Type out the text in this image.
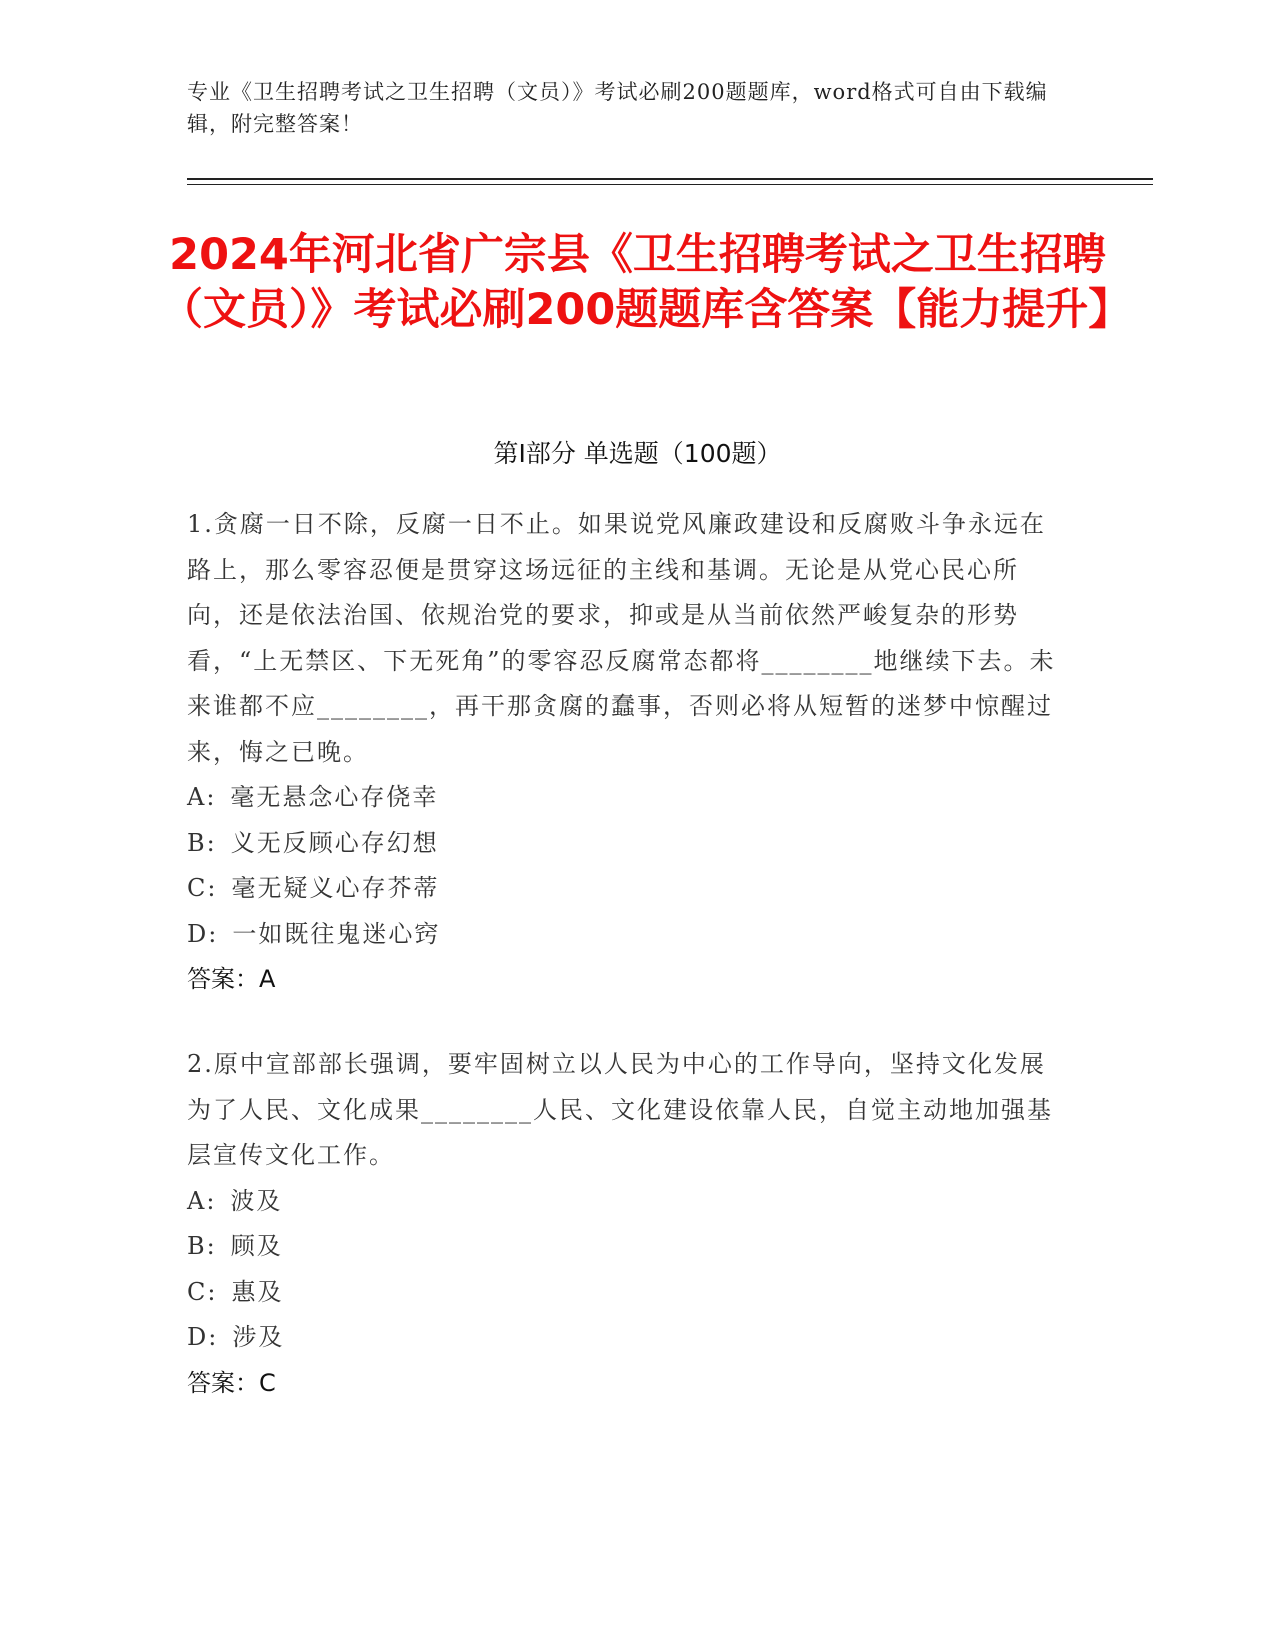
专业《卫生招聘考试之卫生招聘（文员）》考试必刷200题题库，word格式可自由下载编辑，附完整答案！
2024年河北省广宗县《卫生招聘考试之卫生招聘（文员）》考试必刷200题题库含答案【能力提升】
第Ⅰ部分 单选题（100题）

1.贪腐一日不除，反腐一日不止。如果说党风廉政建设和反腐败斗争永远在路上，那么零容忍便是贯穿这场远征的主线和基调。无论是从党心民心所向，还是依法治国、依规治党的要求，抑或是从当前依然严峻复杂的形势看，“上无禁区、下无死角”的零容忍反腐常态都将________地继续下去。未来谁都不应________，再干那贪腐的蠢事，否则必将从短暂的迷梦中惊醒过来，悔之已晚。

A: 毫无悬念心存侥幸

B: 义无反顾心存幻想

C: 毫无疑义心存芥蒂

D: 一如既往鬼迷心窍

答案：A

2.原中宣部部长强调，要牢固树立以人民为中心的工作导向，坚持文化发展为了人民、文化成果________人民、文化建设依靠人民，自觉主动地加强基层宣传文化工作。

A: 波及

B: 顾及

C: 惠及

D: 涉及

答案：C
